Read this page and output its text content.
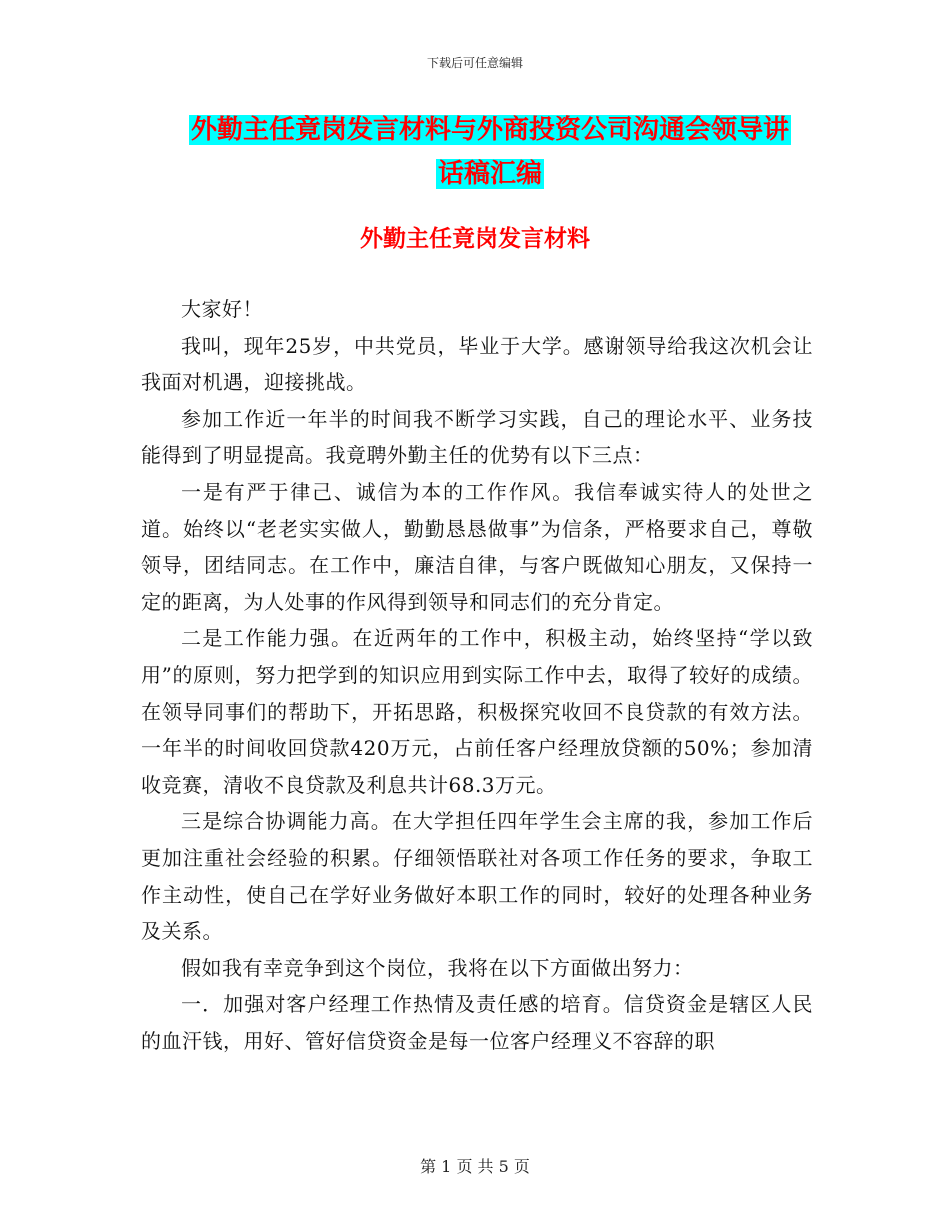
下载后可任意编辑
外勤主任竟岗发言材料与外商投资公司沟通会领导讲
话稿汇编
外勤主任竟岗发言材料

大家好！

我叫，现年25岁，中共党员，毕业于大学。感谢领导给我这次机会让我面对机遇，迎接挑战。

参加工作近一年半的时间我不断学习实践，自己的理论水平、业务技能得到了明显提高。我竟聘外勤主任的优势有以下三点：

一是有严于律己、诚信为本的工作作风。我信奉诚实待人的处世之道。始终以“老老实实做人，勤勤恳恳做事”为信条，严格要求自己，尊敬领导，团结同志。在工作中，廉洁自律，与客户既做知心朋友，又保持一定的距离，为人处事的作风得到领导和同志们的充分肯定。

二是工作能力强。在近两年的工作中，积极主动，始终坚持“学以致用”的原则，努力把学到的知识应用到实际工作中去，取得了较好的成绩。在领导同事们的帮助下，开拓思路，积极探究收回不良贷款的有效方法。一年半的时间收回贷款420万元，占前任客户经理放贷额的50%；参加清收竞赛，清收不良贷款及利息共计68.3万元。

三是综合协调能力高。在大学担任四年学生会主席的我，参加工作后更加注重社会经验的积累。仔细领悟联社对各项工作任务的要求，争取工作主动性，使自己在学好业务做好本职工作的同时，较好的处理各种业务及关系。

假如我有幸竞争到这个岗位，我将在以下方面做出努力：

一．加强对客户经理工作热情及责任感的培育。信贷资金是辖区人民的血汗钱，用好、管好信贷资金是每一位客户经理义不容辞的职

第 1 页 共 5 页
